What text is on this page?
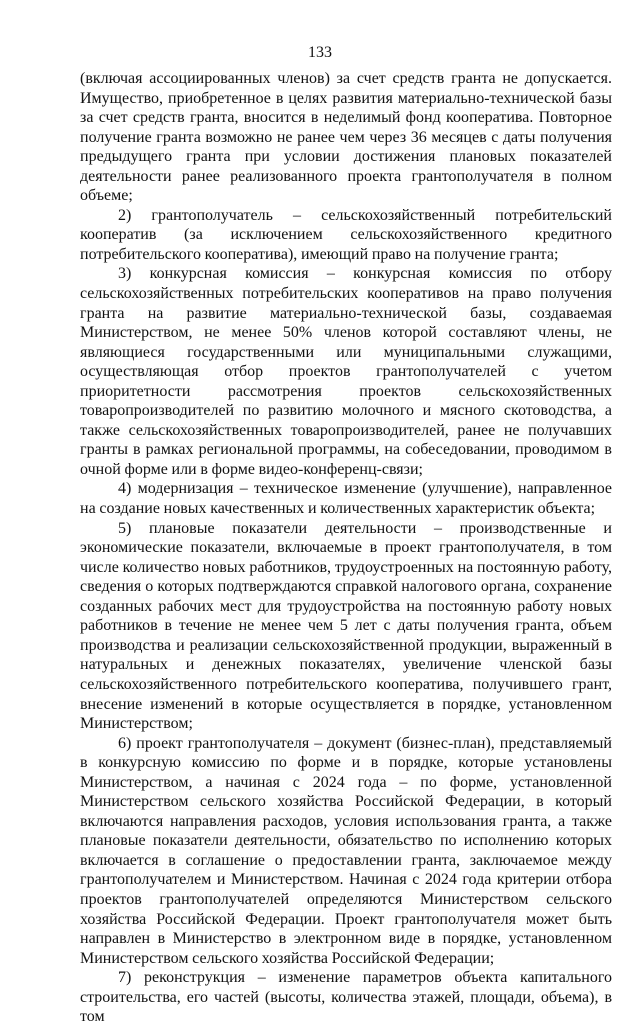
133

(включая ассоциированных членов) за счет средств гранта не допускается. Имущество, приобретенное в целях развития материально-технической базы за счет средств гранта, вносится в неделимый фонд кооператива. Повторное получение гранта возможно не ранее чем через 36 месяцев с даты получения предыдущего гранта при условии достижения плановых показателей деятельности ранее реализованного проекта грантополучателя в полном объеме;

2) грантополучатель – сельскохозяйственный потребительский кооператив (за исключением сельскохозяйственного кредитного потребительского кооператива), имеющий право на получение гранта;

3) конкурсная комиссия – конкурсная комиссия по отбору сельскохозяйственных потребительских кооперативов на право получения гранта на развитие материально-технической базы, создаваемая Министерством, не менее 50% членов которой составляют члены, не являющиеся государственными или муниципальными служащими, осуществляющая отбор проектов грантополучателей с учетом приоритетности рассмотрения проектов сельскохозяйственных товаропроизводителей по развитию молочного и мясного скотоводства, а также сельскохозяйственных товаропроизводителей, ранее не получавших гранты в рамках региональной программы, на собеседовании, проводимом в очной форме или в форме видео-конференц-связи;

4) модернизация – техническое изменение (улучшение), направленное на создание новых качественных и количественных характеристик объекта;

5) плановые показатели деятельности – производственные и экономические показатели, включаемые в проект грантополучателя, в том числе количество новых работников, трудоустроенных на постоянную работу, сведения о которых подтверждаются справкой налогового органа, сохранение созданных рабочих мест для трудоустройства на постоянную работу новых работников в течение не менее чем 5 лет с даты получения гранта, объем производства и реализации сельскохозяйственной продукции, выраженный в натуральных и денежных показателях, увеличение членской базы сельскохозяйственного потребительского кооператива, получившего грант, внесение изменений в которые осуществляется в порядке, установленном Министерством;

6) проект грантополучателя – документ (бизнес-план), представляемый в конкурсную комиссию по форме и в порядке, которые установлены Министерством, а начиная с 2024 года – по форме, установленной Министерством сельского хозяйства Российской Федерации, в который включаются направления расходов, условия использования гранта, а также плановые показатели деятельности, обязательство по исполнению которых включается в соглашение о предоставлении гранта, заключаемое между грантополучателем и Министерством. Начиная с 2024 года критерии отбора проектов грантополучателей определяются Министерством сельского хозяйства Российской Федерации. Проект грантополучателя может быть направлен в Министерство в электронном виде в порядке, установленном Министерством сельского хозяйства Российской Федерации;

7) реконструкция – изменение параметров объекта капитального строительства, его частей (высоты, количества этажей, площади, объема), в том
